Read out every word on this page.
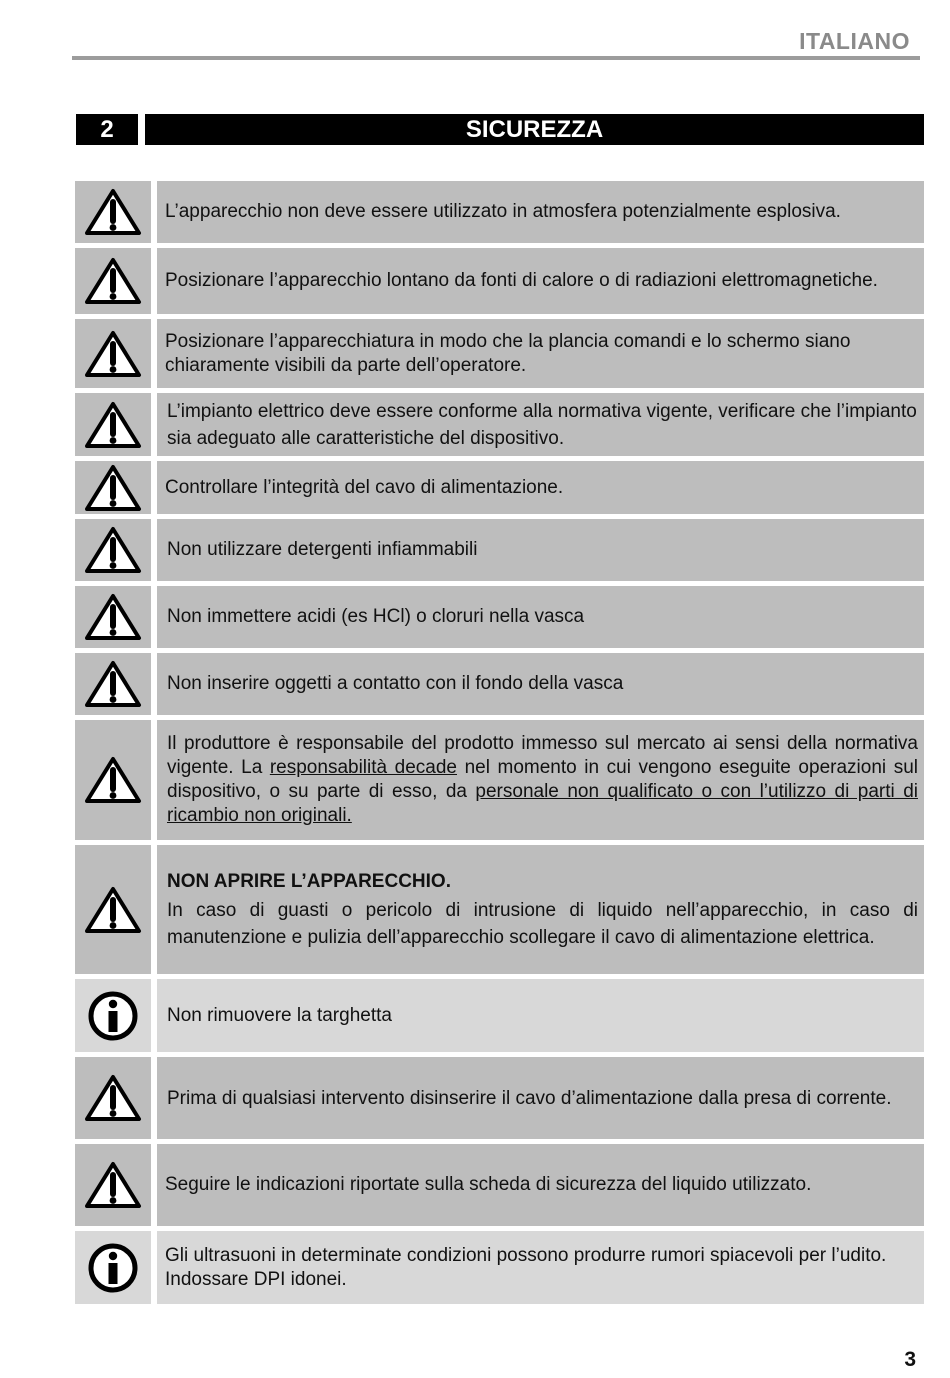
ITALIANO
2	SICUREZZA

L’apparecchio non deve essere utilizzato in atmosfera potenzialmente esplosiva.

Posizionare l’apparecchio lontano da fonti di calore o di radiazioni elettromagnetiche.

Posizionare l’apparecchiatura in modo che la plancia comandi e lo schermo siano chiaramente visibili da parte dell’operatore.

L’impianto elettrico deve essere conforme alla normativa vigente, verificare che l’impianto sia adeguato alle caratteristiche del dispositivo.

Controllare l’integrità del cavo di alimentazione.

Non utilizzare detergenti infiammabili

Non immettere acidi (es HCl) o cloruri nella vasca

Non inserire oggetti a contatto con il fondo della vasca

Il produttore è responsabile del prodotto immesso sul mercato ai sensi della normativa vigente. La responsabilità decade nel momento in cui vengono eseguite operazioni sul dispositivo, o su parte di esso, da personale non qualificato o con l’utilizzo di parti di ricambio non originali.

NON APRIRE L’APPARECCHIO.

In caso di guasti o pericolo di intrusione di liquido nell’apparecchio, in caso di manutenzione e pulizia dell’apparecchio scollegare il cavo di alimentazione elettrica.

Non rimuovere la targhetta

Prima di qualsiasi intervento disinserire il cavo d’alimentazione dalla presa di corrente.

Seguire le indicazioni riportate sulla scheda di sicurezza del liquido utilizzato.

Gli ultrasuoni in determinate condizioni possono produrre rumori spiacevoli per l’udito. Indossare DPI idonei.

3
